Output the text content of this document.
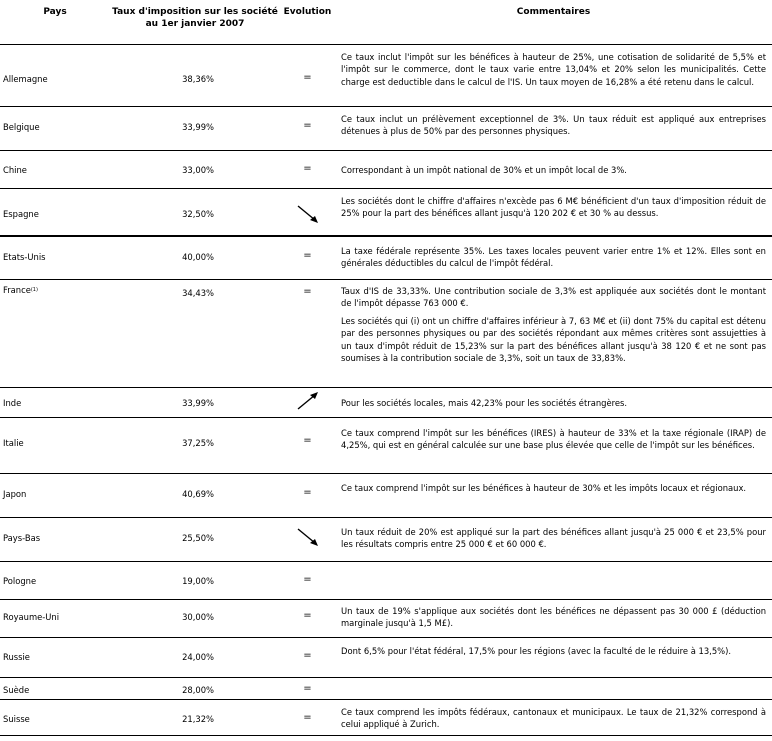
Pays	Taux d'imposition sur les société au 1er janvier 2007	Evolution	Commentaires
Allemagne	38,36%	=	Ce taux inclut l'impôt sur les bénéfices à hauteur de 25%, une cotisation de solidarité de 5,5% et l'impôt sur le commerce, dont le taux varie entre 13,04% et 20% selon les municipalités. Cette charge est deductible dans le calcul de l'IS. Un taux moyen de 16,28% a été retenu dans le calcul.
Belgique	33,99%	=	Ce taux inclut un prélèvement exceptionnel de 3%. Un taux réduit est appliqué aux entreprises détenues à plus de 50% par des personnes physiques.
Chine	33,00%	=	Correspondant à un impôt national de 30% et un impôt local de 3%.
Espagne	32,50%		Les sociétés dont le chiffre d'affaires n'excède pas 6 M€ bénéficient d'un taux d'imposition réduit de 25% pour la part des bénéfices allant jusqu'à 120 202 € et 30 % au dessus.
Etats-Unis	40,00%	=	La taxe fédérale représente 35%. Les taxes locales peuvent varier entre 1% et 12%. Elles sont en générales déductibles du calcul de l'impôt fédéral.
France$^{(1)}$	34,43%	=	Taux d'IS de 33,33%. Une contribution sociale de 3,3% est appliquée aux sociétés dont le montant de l'impôt dépasse 763 000 €.
Les sociétés qui (i) ont un chiffre d'affaires inférieur à 7, 63 M€ et (ii) dont 75% du capital est détenu par des personnes physiques ou par des sociétés répondant aux mêmes critères sont assujetties à un taux d'impôt réduit de 15,23% sur la part des bénéfices allant jusqu'à 38 120 € et ne sont pas soumises à la contribution sociale de 3,3%, soit un taux de 33,83%.

Inde	33,99%		Pour les sociétés locales, mais 42,23% pour les sociétés étrangères.
Italie	37,25%	=	Ce taux comprend l'impôt sur les bénéfices (IRES) à hauteur de 33% et la taxe régionale (IRAP) de 4,25%, qui est en général calculée sur une base plus élevée que celle de l'impôt sur les bénéfices.
Japon	40,69%	=	Ce taux comprend l'impôt sur les bénéfices à hauteur de 30% et les impôts locaux et régionaux.
Pays-Bas	25,50%		Un taux réduit de 20% est appliqué sur la part des bénéfices allant jusqu'à 25 000 € et 23,5% pour les résultats compris entre 25 000 € et 60 000 €.
Pologne	19,00%	=	
Royaume-Uni	30,00%	=	Un taux de 19% s'applique aux sociétés dont les bénéfices ne dépassent pas 30 000 £ (déduction marginale jusqu'à 1,5 M£).
Russie	24,00%	=	Dont 6,5% pour l'état fédéral, 17,5% pour les régions (avec la faculté de le réduire à 13,5%).
Suède	28,00%	=	
Suisse	21,32%	=	Ce taux comprend les impôts fédéraux, cantonaux et municipaux. Le taux de 21,32% correspond à celui appliqué à Zurich.
